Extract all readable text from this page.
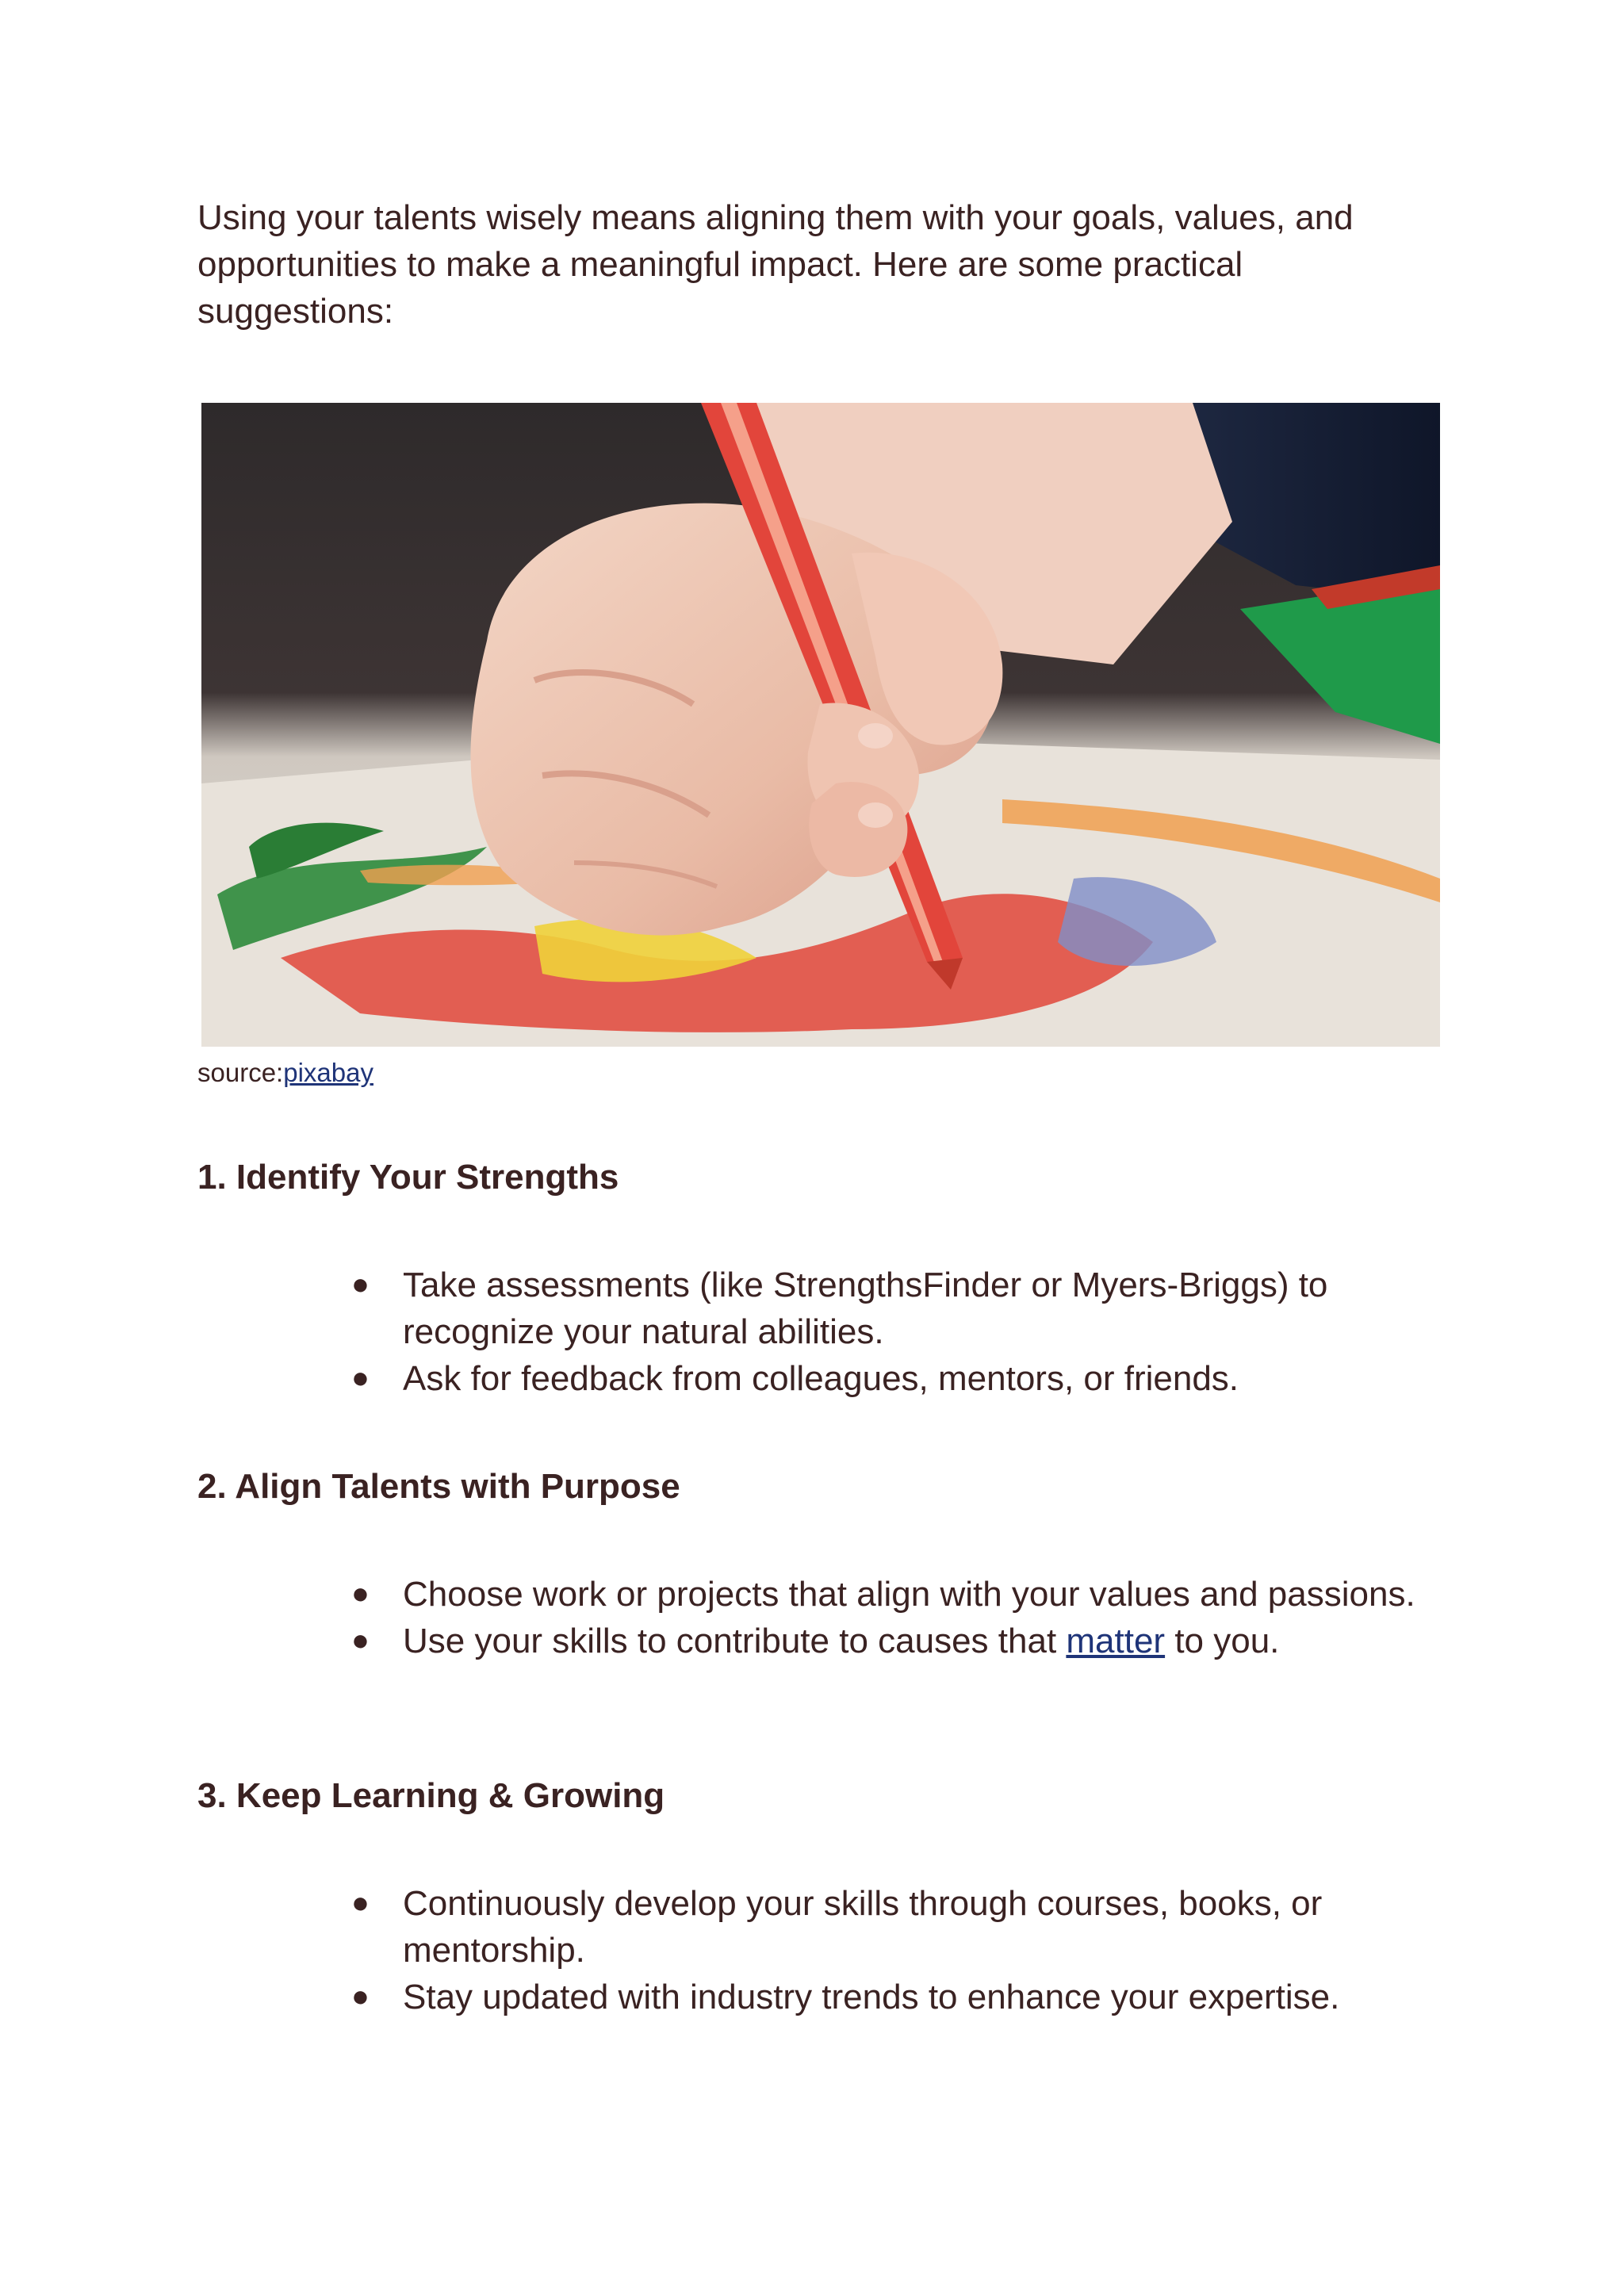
Using your talents wisely means aligning them with your goals, values, and opportunities to make a meaningful impact. Here are some practical suggestions:

source:pixabay
1. Identify Your Strengths
● Take assessments (like StrengthsFinder or Myers-Briggs) to recognize your natural abilities.
● Ask for feedback from colleagues, mentors, or friends.
2. Align Talents with Purpose
● Choose work or projects that align with your values and passions.
● Use your skills to contribute to causes that matter to you.
3. Keep Learning & Growing
● Continuously develop your skills through courses, books, or mentorship.
● Stay updated with industry trends to enhance your expertise.
